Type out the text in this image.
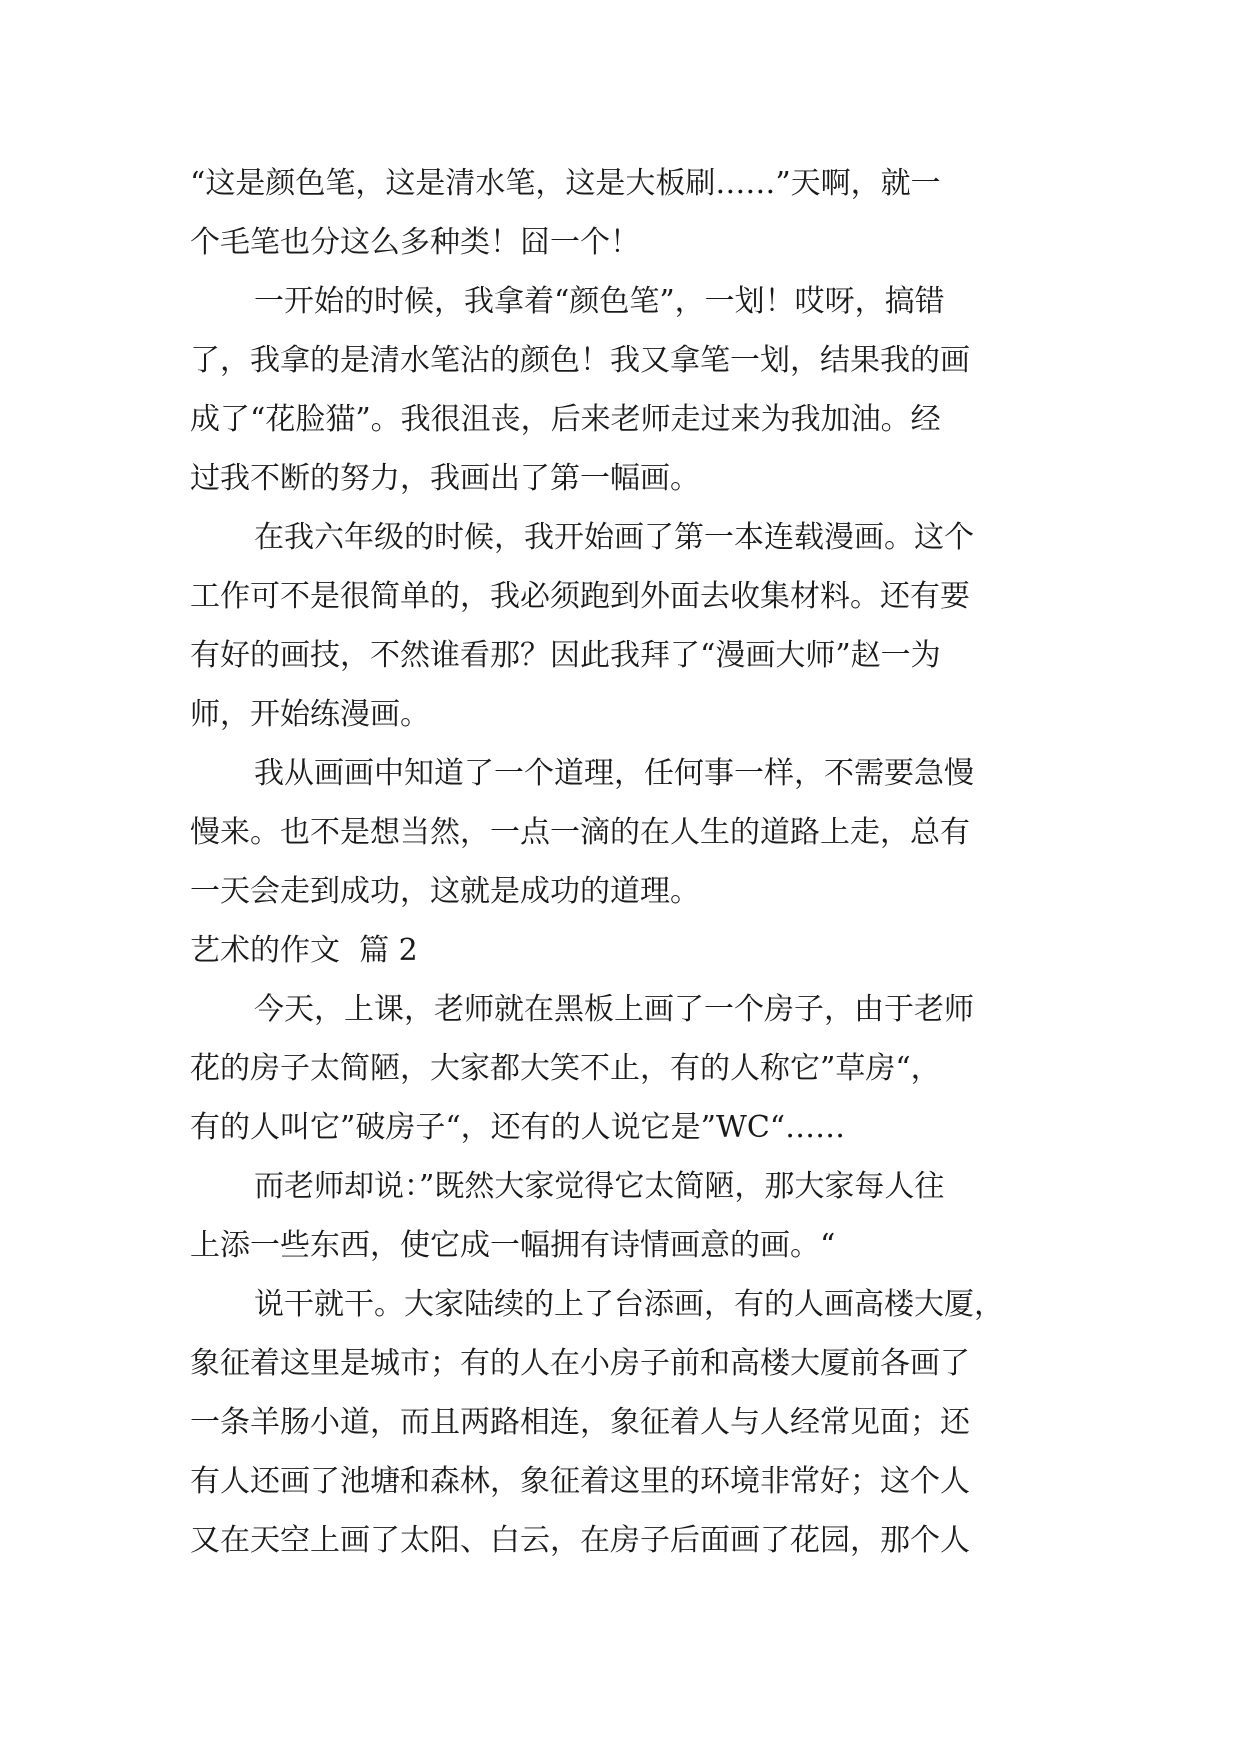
“这是颜色笔，这是清水笔，这是大板刷……”天啊，就一
个毛笔也分这么多种类！囧一个！
一开始的时候，我拿着“颜色笔”，一划！哎呀，搞错
了，我拿的是清水笔沾的颜色！我又拿笔一划，结果我的画
成了“花脸猫”。我很沮丧，后来老师走过来为我加油。经
过我不断的努力，我画出了第一幅画。
在我六年级的时候，我开始画了第一本连载漫画。这个
工作可不是很简单的，我必须跑到外面去收集材料。还有要
有好的画技，不然谁看那？因此我拜了“漫画大师”赵一为
师，开始练漫画。
我从画画中知道了一个道理，任何事一样，不需要急慢
慢来。也不是想当然，一点一滴的在人生的道路上走，总有
一天会走到成功，这就是成功的道理。
艺术的作文  篇 2
今天，上课，老师就在黑板上画了一个房子，由于老师
花的房子太简陋，大家都大笑不止，有的人称它”草房“，
有的人叫它”破房子“，还有的人说它是”WC“……
而老师却说：”既然大家觉得它太简陋，那大家每人往
上添一些东西，使它成一幅拥有诗情画意的画。“
说干就干。大家陆续的上了台添画，有的人画高楼大厦，
象征着这里是城市；有的人在小房子前和高楼大厦前各画了
一条羊肠小道，而且两路相连，象征着人与人经常见面；还
有人还画了池塘和森林，象征着这里的环境非常好；这个人
又在天空上画了太阳、白云，在房子后面画了花园，那个人
